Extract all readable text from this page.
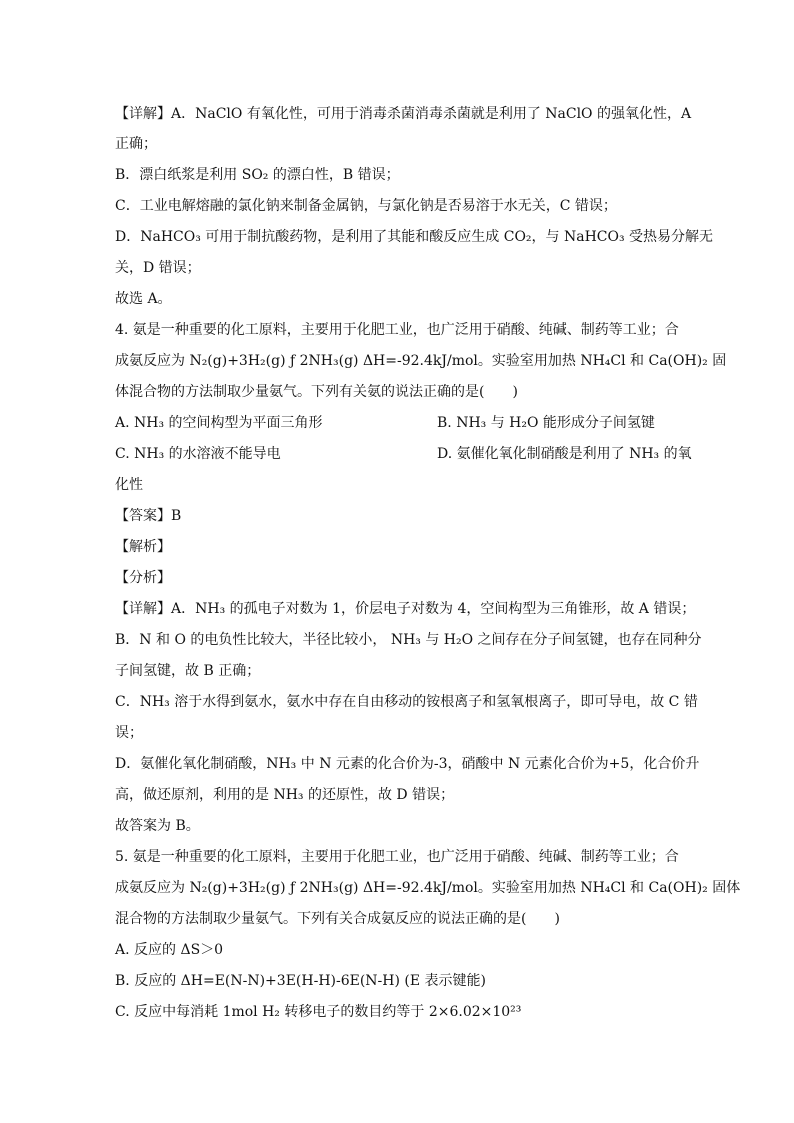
【详解】A．NaClO 有氧化性，可用于消毒杀菌消毒杀菌就是利用了 NaClO 的强氧化性，A
正确；
B．漂白纸浆是利用 SO₂ 的漂白性，B 错误；
C．工业电解熔融的氯化钠来制备金属钠，与氯化钠是否易溶于水无关，C 错误；
D．NaHCO₃ 可用于制抗酸药物，是利用了其能和酸反应生成 CO₂，与 NaHCO₃ 受热易分解无
关，D 错误；
故选 A。
4. 氨是一种重要的化工原料，主要用于化肥工业，也广泛用于硝酸、纯碱、制药等工业；合
成氨反应为 N₂(g)+3H₂(g) ƒ 2NH₃(g) ΔH=-92.4kJ/mol。实验室用加热 NH₄Cl 和 Ca(OH)₂ 固
体混合物的方法制取少量氨气。下列有关氨的说法正确的是(　　)
A. NH₃ 的空间构型为平面三角形	B. NH₃ 与 H₂O 能形成分子间氢键
C. NH₃ 的水溶液不能导电	D. 氨催化氧化制硝酸是利用了 NH₃ 的氧
化性
【答案】B
【解析】
【分析】
【详解】A．NH₃ 的孤电子对数为 1，价层电子对数为 4，空间构型为三角锥形，故 A 错误；
B．N 和 O 的电负性比较大，半径比较小， NH₃ 与 H₂O 之间存在分子间氢键，也存在同种分
子间氢键，故 B 正确；
C．NH₃ 溶于水得到氨水，氨水中存在自由移动的铵根离子和氢氧根离子，即可导电，故 C 错
误；
D．氨催化氧化制硝酸，NH₃ 中 N 元素的化合价为-3，硝酸中 N 元素化合价为+5，化合价升
高，做还原剂，利用的是 NH₃ 的还原性，故 D 错误；
故答案为 B。
5. 氨是一种重要的化工原料，主要用于化肥工业，也广泛用于硝酸、纯碱、制药等工业；合
成氨反应为 N₂(g)+3H₂(g) ƒ 2NH₃(g) ΔH=-92.4kJ/mol。实验室用加热 NH₄Cl 和 Ca(OH)₂ 固体
混合物的方法制取少量氨气。下列有关合成氨反应的说法正确的是(　　)
A. 反应的 ΔS＞0
B. 反应的 ΔH=E(N-N)+3E(H-H)-6E(N-H) (E 表示键能)
C. 反应中每消耗 1mol H₂ 转移电子的数目约等于 2×6.02×10²³
